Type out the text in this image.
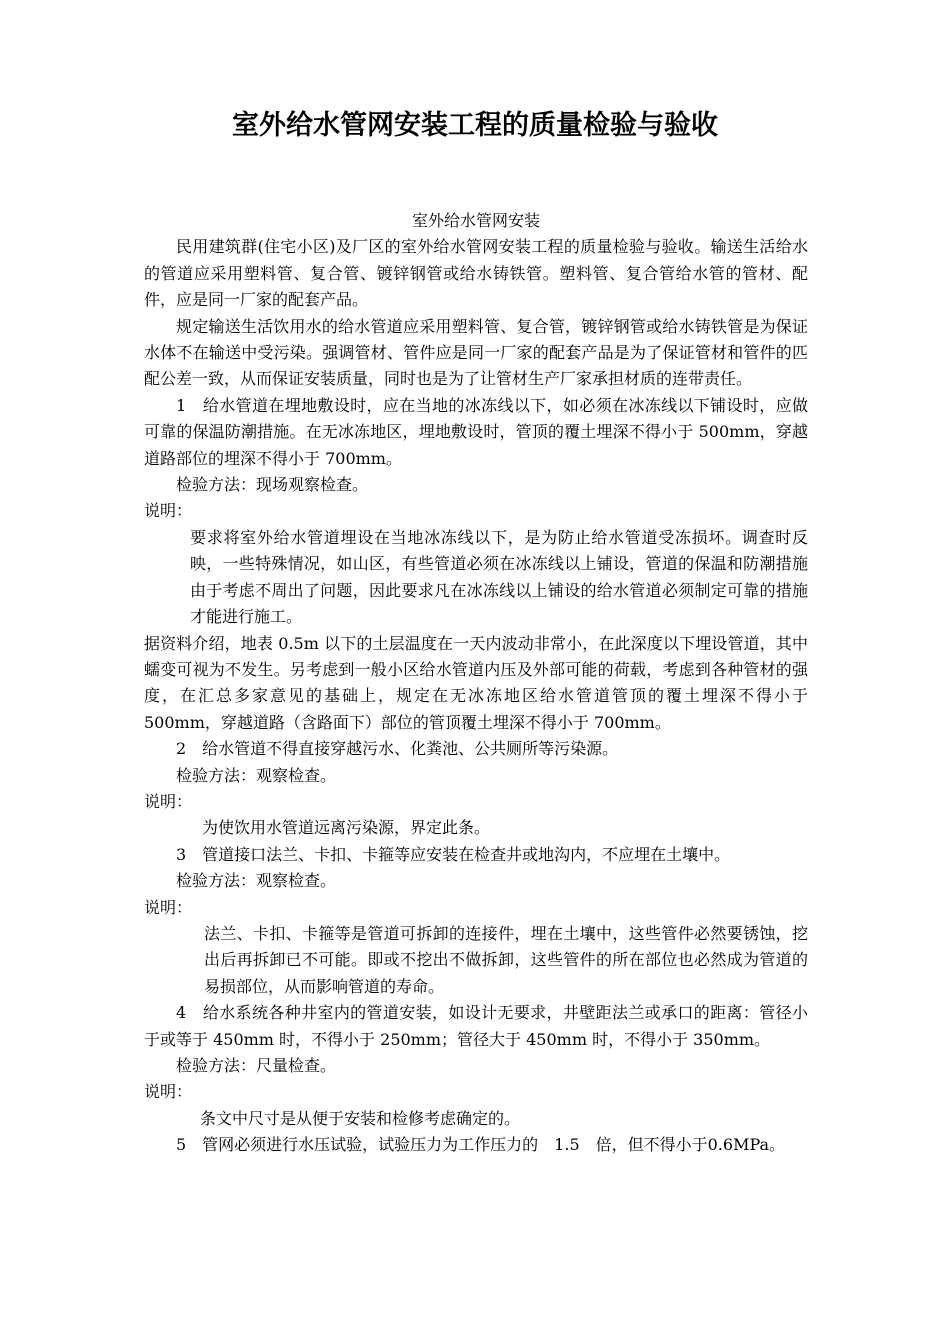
室外给水管网安装工程的质量检验与验收

室外给水管网安装

民用建筑群(住宅小区)及厂区的室外给水管网安装工程的质量检验与验收。输送生活给水的管道应采用塑料管、复合管、镀锌钢管或给水铸铁管。塑料管、复合管给水管的管材、配件，应是同一厂家的配套产品。

规定输送生活饮用水的给水管道应采用塑料管、复合管，镀锌钢管或给水铸铁管是为保证水体不在输送中受污染。强调管材、管件应是同一厂家的配套产品是为了保证管材和管件的匹配公差一致，从而保证安装质量，同时也是为了让管材生产厂家承担材质的连带责任。

1　给水管道在埋地敷设时，应在当地的冰冻线以下，如必须在冰冻线以下铺设时，应做可靠的保温防潮措施。在无冰冻地区，埋地敷设时，管顶的覆土埋深不得小于 500mm，穿越道路部位的埋深不得小于 700mm。

检验方法：现场观察检查。

说明：

要求将室外给水管道埋设在当地冰冻线以下，是为防止给水管道受冻损坏。调查时反映，一些特殊情况，如山区，有些管道必须在冰冻线以上铺设，管道的保温和防潮措施由于考虑不周出了问题，因此要求凡在冰冻线以上铺设的给水管道必须制定可靠的措施才能进行施工。

据资料介绍，地表 0.5m 以下的土层温度在一天内波动非常小，在此深度以下埋设管道，其中蠕变可视为不发生。另考虑到一般小区给水管道内压及外部可能的荷载，考虑到各种管材的强度，在汇总多家意见的基础上，规定在无冰冻地区给水管道管顶的覆土埋深不得小于　500mm，穿越道路（含路面下）部位的管顶覆土埋深不得小于 700mm。

2　给水管道不得直接穿越污水、化粪池、公共厕所等污染源。

检验方法：观察检查。

说明：

为使饮用水管道远离污染源，界定此条。

3　管道接口法兰、卡扣、卡箍等应安装在检查井或地沟内，不应埋在土壤中。

检验方法：观察检查。

说明：

法兰、卡扣、卡箍等是管道可拆卸的连接件，埋在土壤中，这些管件必然要锈蚀，挖出后再拆卸已不可能。即或不挖出不做拆卸，这些管件的所在部位也必然成为管道的易损部位，从而影响管道的寿命。

4　给水系统各种井室内的管道安装，如设计无要求，井壁距法兰或承口的距离：管径小于或等于 450mm 时，不得小于 250mm；管径大于 450mm 时，不得小于 350mm。

检验方法：尺量检查。

说明：

条文中尺寸是从便于安装和检修考虑确定的。

5　管网必须进行水压试验，试验压力为工作压力的　1.5　倍，但不得小于0.6MPa。
